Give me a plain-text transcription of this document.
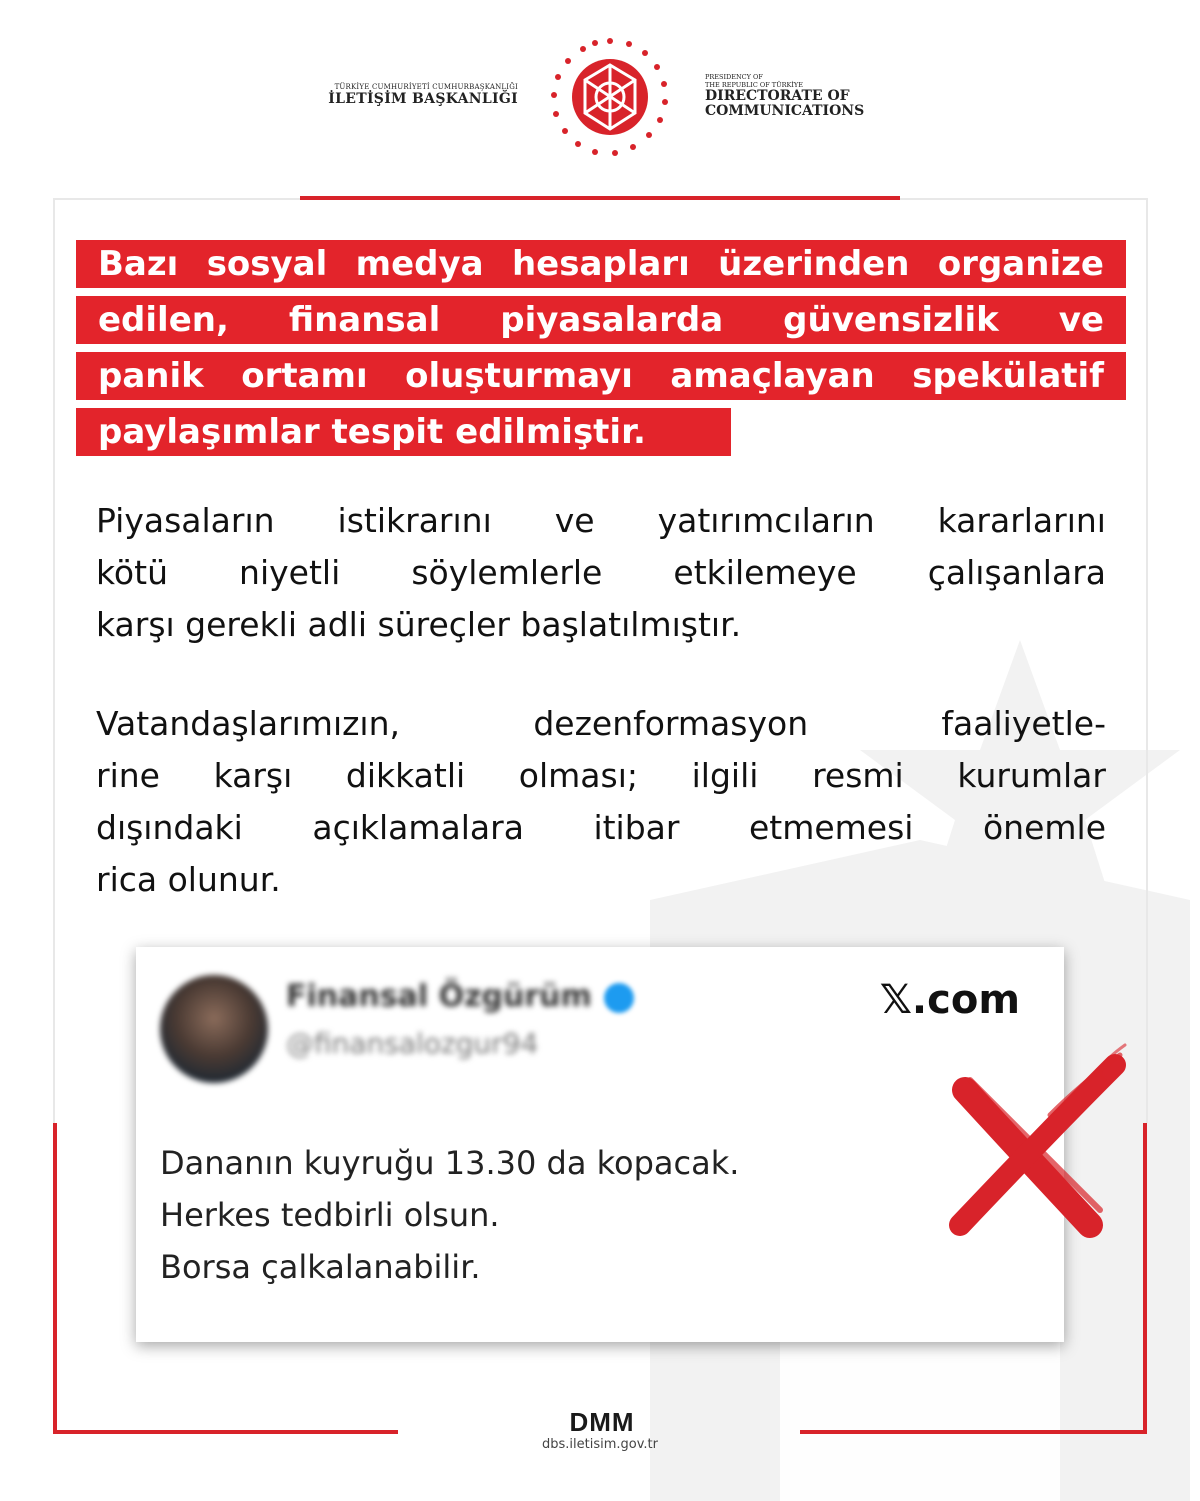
TÜRKİYE CUMHURİYETİ CUMHURBAŞKANLIĞI
İLETİŞİM BAŞKANLIĞI
PRESIDENCY OF
THE REPUBLIC OF TÜRKİYE
DIRECTORATE OF
COMMUNICATIONS
Bazı sosyal medya hesapları üzerinden organize
edilen, finansal piyasalarda güvensizlik ve
panik ortamı oluşturmayı amaçlayan spekülatif
paylaşımlar tespit edilmiştir.
Piyasaların istikrarını ve yatırımcıların kararlarını
kötü niyetli söylemlerle etkilemeye çalışanlara
karşı gerekli adli süreçler başlatılmıştır.
Vatandaşlarımızın,	dezenformasyon	faaliyetle-
rine karşı dikkatli olması; ilgili resmi kurumlar
dışındaki açıklamalara itibar etmemesi önemle
rica olunur.
Finansal Özgürüm
@finansalozgur94
𝕏.com
Dananın kuyruğu 13.30 da kopacak.
Herkes tedbirli olsun.
Borsa çalkalanabilir.
DMM
dbs.iletisim.gov.tr
